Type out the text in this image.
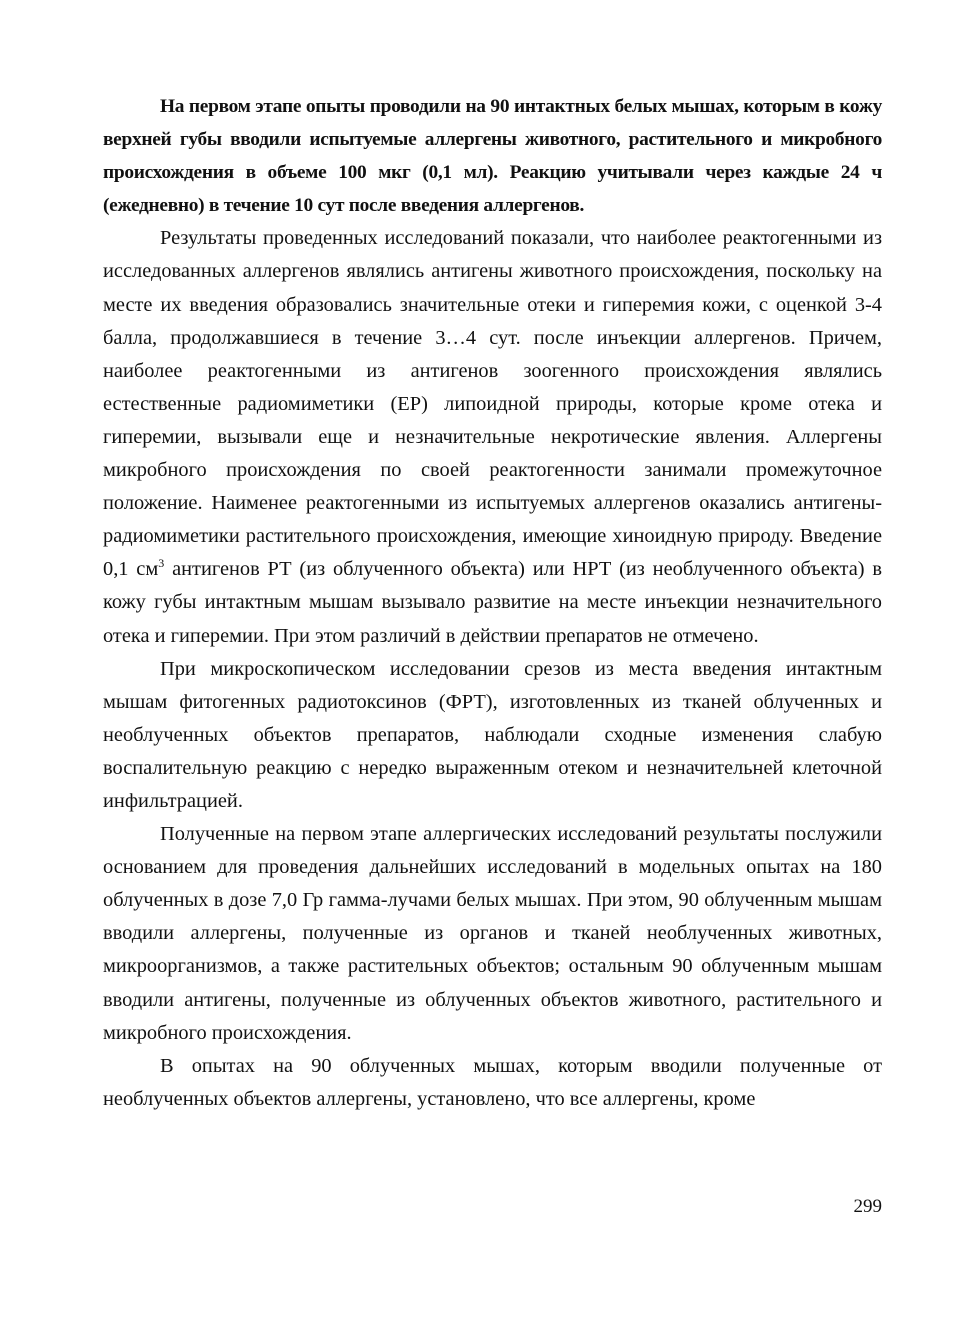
На первом этапе опыты проводили на 90 интактных белых мышах, которым в кожу верхней губы вводили испытуемые аллергены животного, растительного и микробного происхождения в объеме 100 мкг (0,1 мл). Реакцию учитывали через каждые 24 ч (ежедневно) в течение 10 сут после введения аллергенов.

Результаты проведенных исследований показали, что наиболее реактогенными из исследованных аллергенов являлись антигены животного происхождения, поскольку на месте их введения образовались значительные отеки и гиперемия кожи, с оценкой 3-4 балла, продолжавшиеся в течение 3…4 сут. после инъекции аллергенов. Причем, наиболее реактогенными из антигенов зоогенного происхождения являлись естественные радиомиметики (ЕР) липоидной природы, которые кроме отека и гиперемии, вызывали еще и незначительные некротические явления. Аллергены микробного происхождения по своей реактогенности занимали промежуточное положение. Наименее реактогенными из испытуемых аллергенов оказались антигены-радиомиметики растительного происхождения, имеющие хиноидную природу. Введение 0,1 $см^3$ антигенов РТ (из облученного объекта) или НРТ (из необлученного объекта) в кожу губы интактным мышам вызывало развитие на месте инъекции незначительного отека и гиперемии. При этом различий в действии препаратов не отмечено.

При микроскопическом исследовании срезов из места введения интактным мышам фитогенных радиотоксинов (ФРТ), изготовленных из тканей облученных и необлученных объектов препаратов, наблюдали сходные изменения слабую воспалительную реакцию с нередко выраженным отеком и незначительней клеточной инфильтрацией.

Полученные на первом этапе аллергических исследований результаты послужили основанием для проведения дальнейших исследований в модельных опытах на 180 облученных в дозе 7,0 Гр гамма-лучами белых мышах. При этом, 90 облученным мышам вводили аллергены, полученные из органов и тканей необлученных животных, микроорганизмов, а также растительных объектов; остальным 90 облученным мышам вводили антигены, полученные из облученных объектов животного, растительного и микробного происхождения.

В опытах на 90 облученных мышах, которым вводили полученные от необлученных объектов аллергены, установлено, что все аллергены, кроме

299
